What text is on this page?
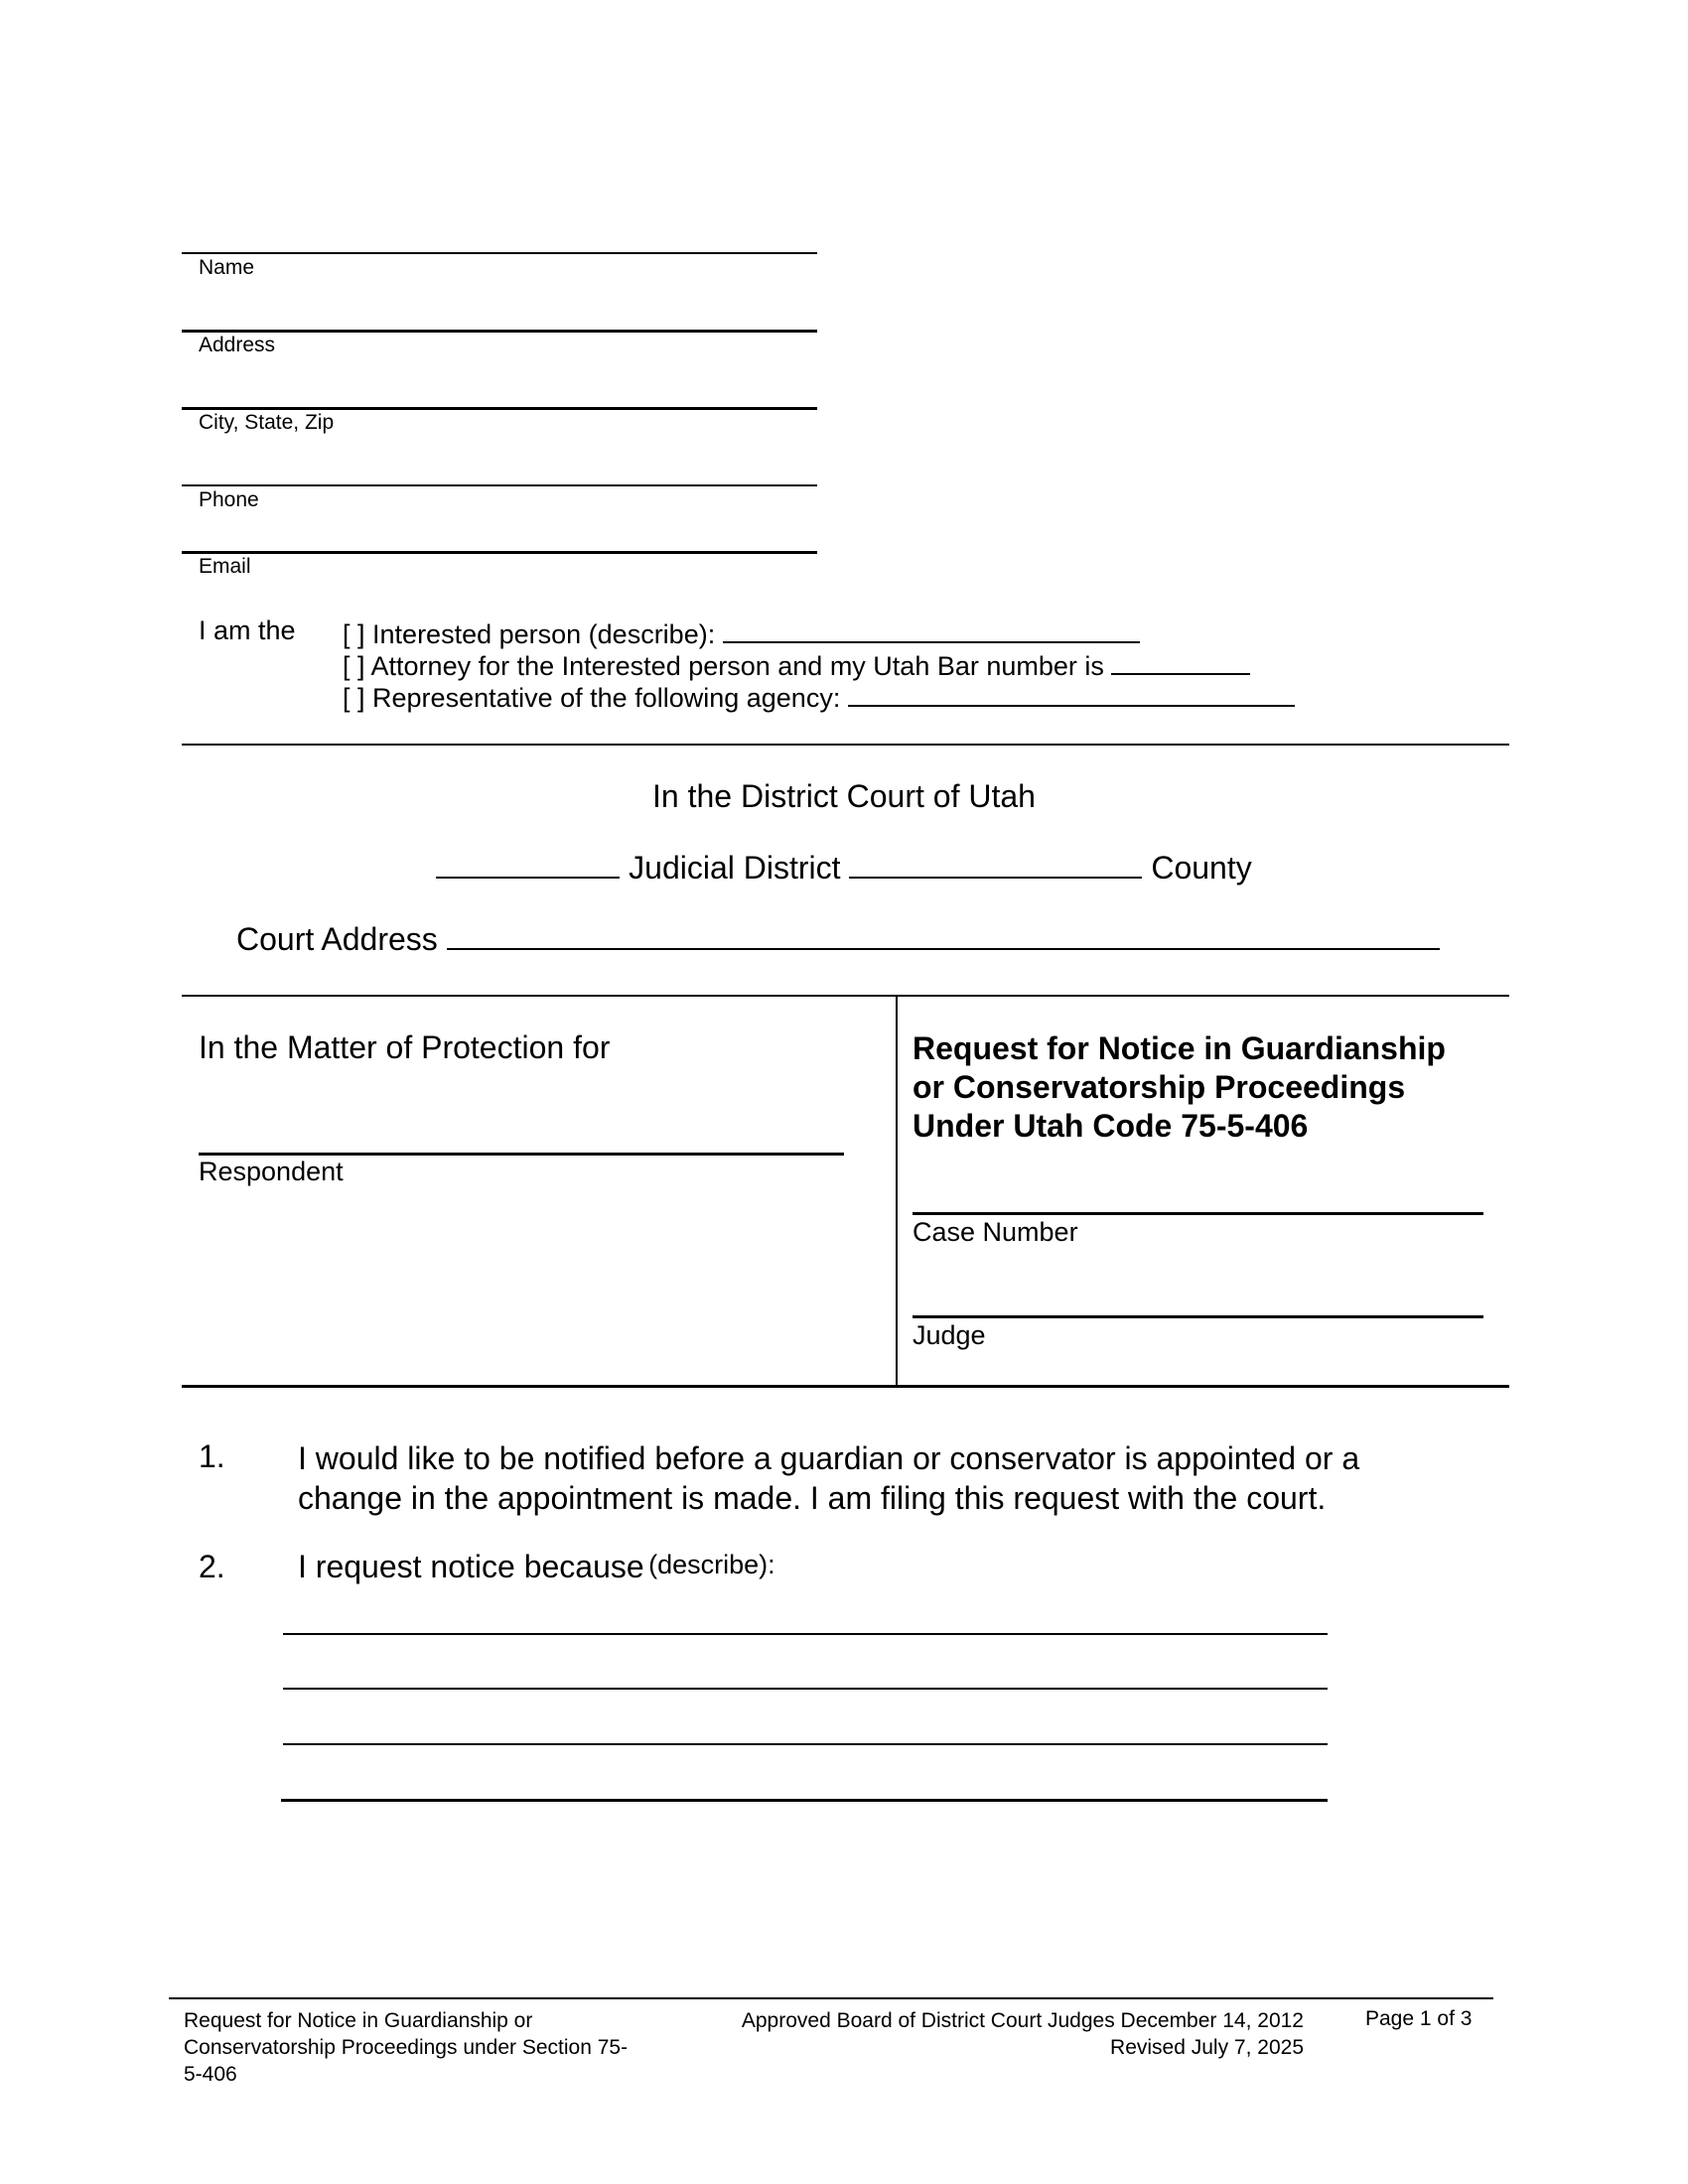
Name
Address
City, State, Zip
Phone
Email
I am the [ ] Interested person (describe):
[ ] Attorney for the Interested person and my Utah Bar number is
[ ] Representative of the following agency:
In the District Court of Utah
Judicial District	County
Court Address
In the Matter of Protection for
Respondent
Request for Notice in Guardianship
or Conservatorship Proceedings
Under Utah Code 75-5-406
Case Number
Judge
1. I would like to be notified before a guardian or conservator is appointed or a
change in the appointment is made. I am filing this request with the court.
2. I request notice because (describe):
Request for Notice in Guardianship or
Conservatorship Proceedings under Section 75-
5-406
Approved Board of District Court Judges December 14, 2012
Revised July 7, 2025
Page 1 of 3
